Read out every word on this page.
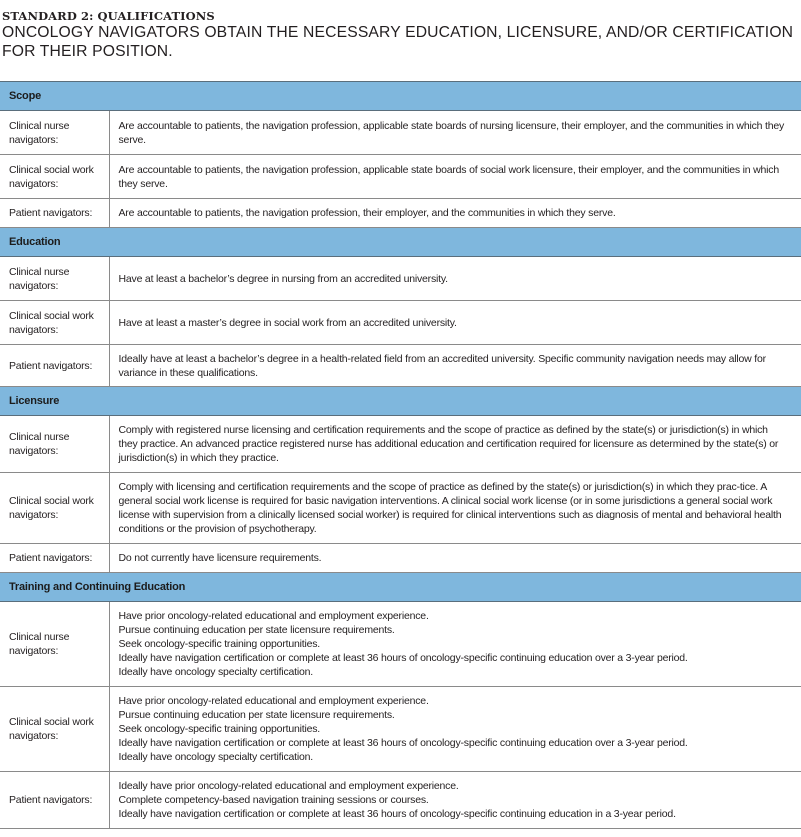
STANDARD 2: QUALIFICATIONS
ONCOLOGY NAVIGATORS OBTAIN THE NECESSARY EDUCATION, LICENSURE, AND/OR CERTIFICATION FOR THEIR POSITION.
Scope	
Clinical nurse navigators:	Are accountable to patients, the navigation profession, applicable state boards of nursing licensure, their employer, and the communities in which they serve.

Clinical social work navigators:	Are accountable to patients, the navigation profession, applicable state boards of social work licensure, their employer, and the communities in which they serve.

Patient navigators:	Are accountable to patients, the navigation profession, their employer, and the communities in which they serve.

Education	
Clinical nurse navigators:	Have at least a bachelor’s degree in nursing from an accredited university.

Clinical social work navigators:	Have at least a master’s degree in social work from an accredited university.

Patient navigators:	Ideally have at least a bachelor’s degree in a health-related field from an accredited university. Specific community navigation needs may allow for variance in these qualifications.

Licensure	
Clinical nurse navigators:	Comply with registered nurse licensing and certification requirements and the scope of practice as defined by the state(s) or jurisdiction(s) in which they practice. An advanced practice registered nurse has additional education and certification required for licensure as determined by the state(s) or jurisdiction(s) in which they practice.

Clinical social work navigators:	Comply with licensing and certification requirements and the scope of practice as defined by the state(s) or jurisdiction(s) in which they prac-tice. A general social work license is required for basic navigation interventions. A clinical social work license (or in some jurisdictions a general social work license with supervision from a clinically licensed social worker) is required for clinical interventions such as diagnosis of mental and behavioral health conditions or the provision of psychotherapy.

Patient navigators:	Do not currently have licensure requirements.

Training and Continuing Education	
Clinical nurse navigators:	Have prior oncology-related educational and employment experience.
Pursue continuing education per state licensure requirements.
Seek oncology-specific training opportunities.
Ideally have navigation certification or complete at least 36 hours of oncology-specific continuing education over a 3-year period.
Ideally have oncology specialty certification.

Clinical social work navigators:	Have prior oncology-related educational and employment experience.
Pursue continuing education per state licensure requirements.
Seek oncology-specific training opportunities.
Ideally have navigation certification or complete at least 36 hours of oncology-specific continuing education over a 3-year period.
Ideally have oncology specialty certification.

Patient navigators:	Ideally have prior oncology-related educational and employment experience.
Complete competency-based navigation training sessions or courses.
Ideally have navigation certification or complete at least 36 hours of oncology-specific continuing education in a 3-year period.
